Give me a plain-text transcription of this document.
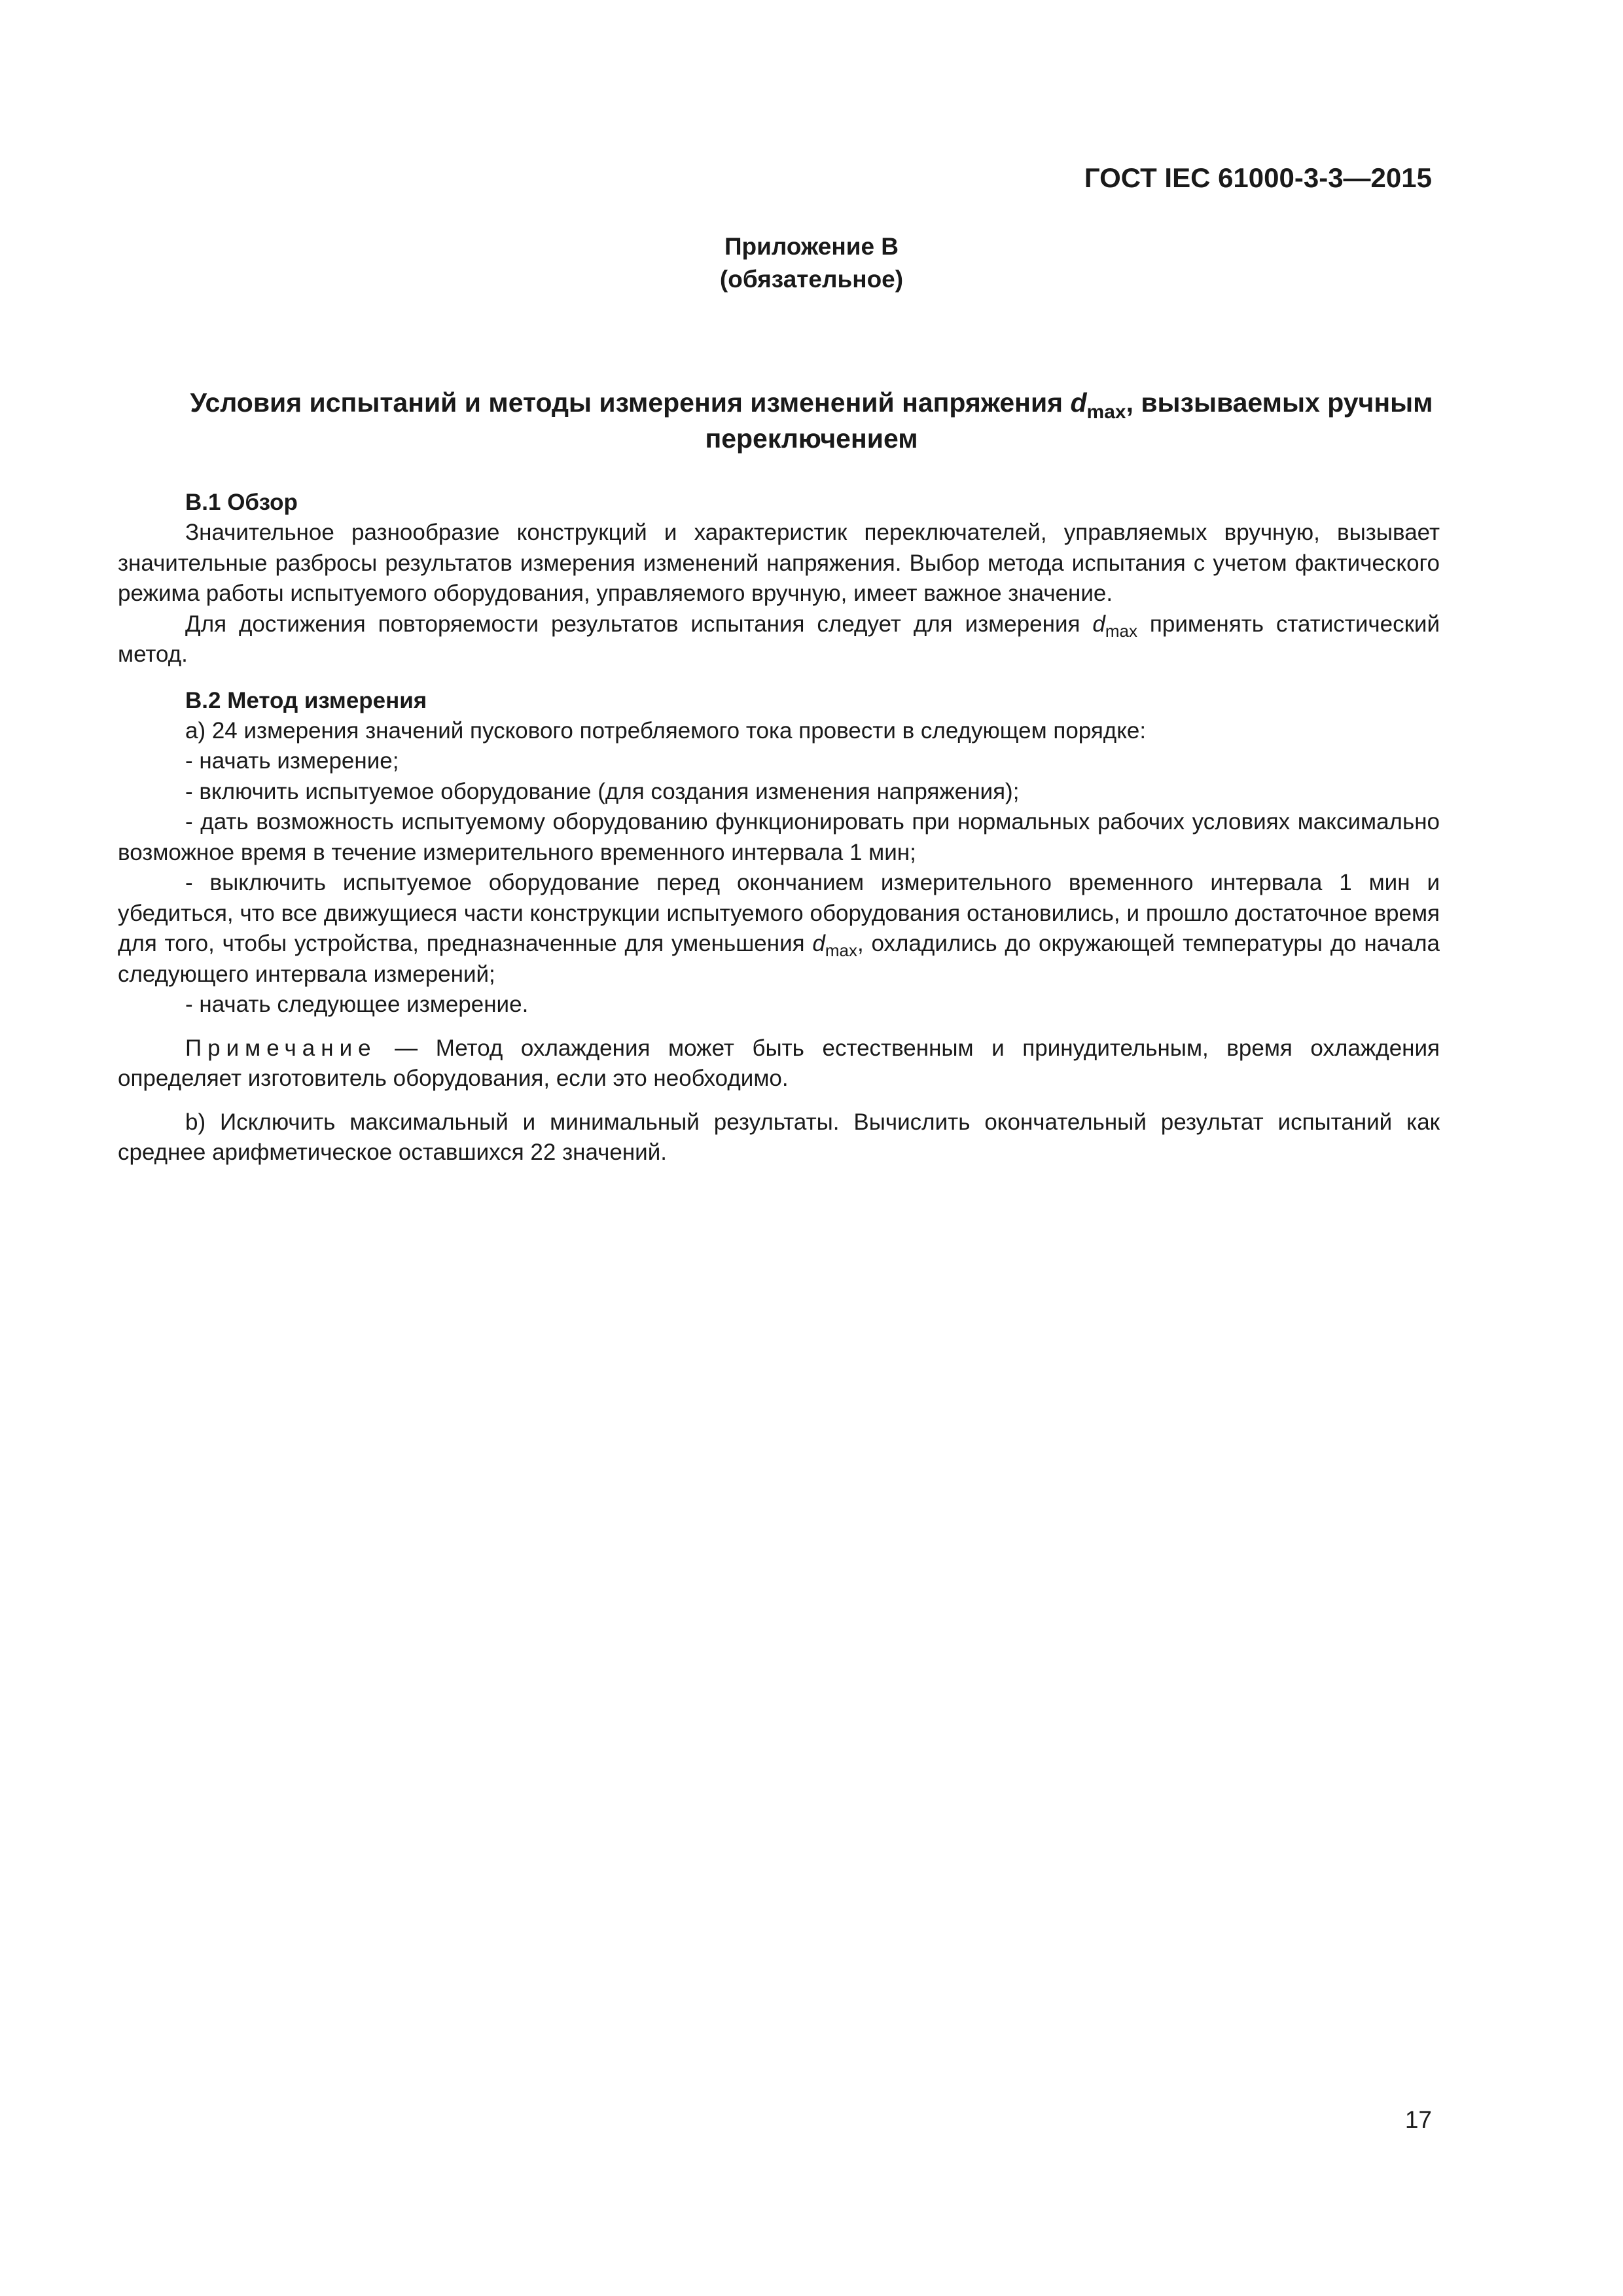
ГОСТ IEC 61000-3-3—2015
Приложение В
(обязательное)
Условия испытаний и методы измерения изменений напряжения $d_{max}$, вызываемых ручным переключением
В.1 Обзор

Значительное разнообразие конструкций и характеристик переключателей, управляемых вручную, вызывает значительные разбросы результатов измерения изменений напряжения. Выбор метода испытания с учетом фактического режима работы испытуемого оборудования, управляемого вручную, имеет важное значение.

Для достижения повторяемости результатов испытания следует для измерения $d_{max}$ применять статистический метод.

В.2 Метод измерения

а) 24 измерения значений пускового потребляемого тока провести в следующем порядке:

- начать измерение;

- включить испытуемое оборудование (для создания изменения напряжения);

- дать возможность испытуемому оборудованию функционировать при нормальных рабочих условиях максимально возможное время в течение измерительного временного интервала 1 мин;

- выключить испытуемое оборудование перед окончанием измерительного временного интервала 1 мин и убедиться, что все движущиеся части конструкции испытуемого оборудования остановились, и прошло достаточное время для того, чтобы устройства, предназначенные для уменьшения $d_{max}$, охладились до окружающей температуры до начала следующего интервала измерений;

- начать следующее измерение.

Примечание — Метод охлаждения может быть естественным и принудительным, время охлаждения определяет изготовитель оборудования, если это необходимо.

b) Исключить максимальный и минимальный результаты. Вычислить окончательный результат испытаний как среднее арифметическое оставшихся 22 значений.

17
